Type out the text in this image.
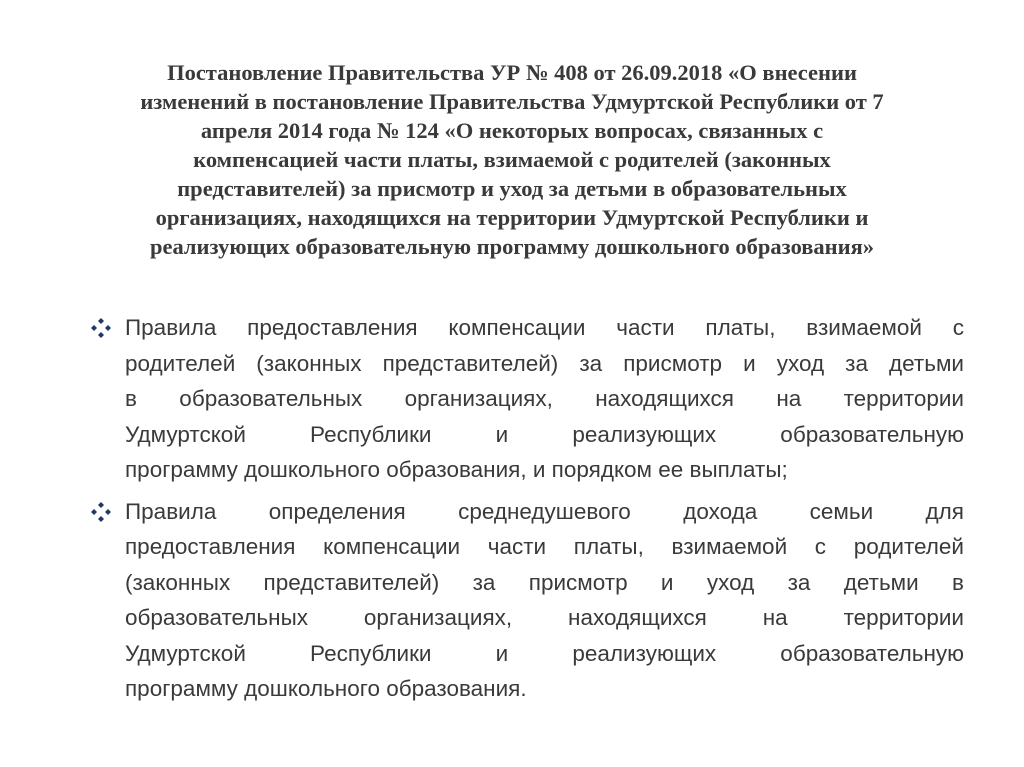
Постановление Правительства УР № 408 от 26.09.2018 «О внесении
изменений в постановление Правительства Удмуртской Республики от 7
апреля 2014 года № 124 «О некоторых вопросах, связанных с
компенсацией части платы, взимаемой с родителей (законных
представителей) за присмотр и уход за детьми в образовательных
организациях, находящихся на территории Удмуртской Республики и
реализующих образовательную программу дошкольного образования»
Правила предоставления компенсации части платы, взимаемой с
родителей (законных представителей) за присмотр и уход за детьми
в образовательных организациях, находящихся на территории
Удмуртской Республики и реализующих образовательную
программу дошкольного образования, и порядком ее выплаты;
Правила определения среднедушевого дохода семьи для
предоставления компенсации части платы, взимаемой с родителей
(законных представителей) за присмотр и уход за детьми в
образовательных организациях, находящихся на территории
Удмуртской Республики и реализующих образовательную
программу дошкольного образования.
